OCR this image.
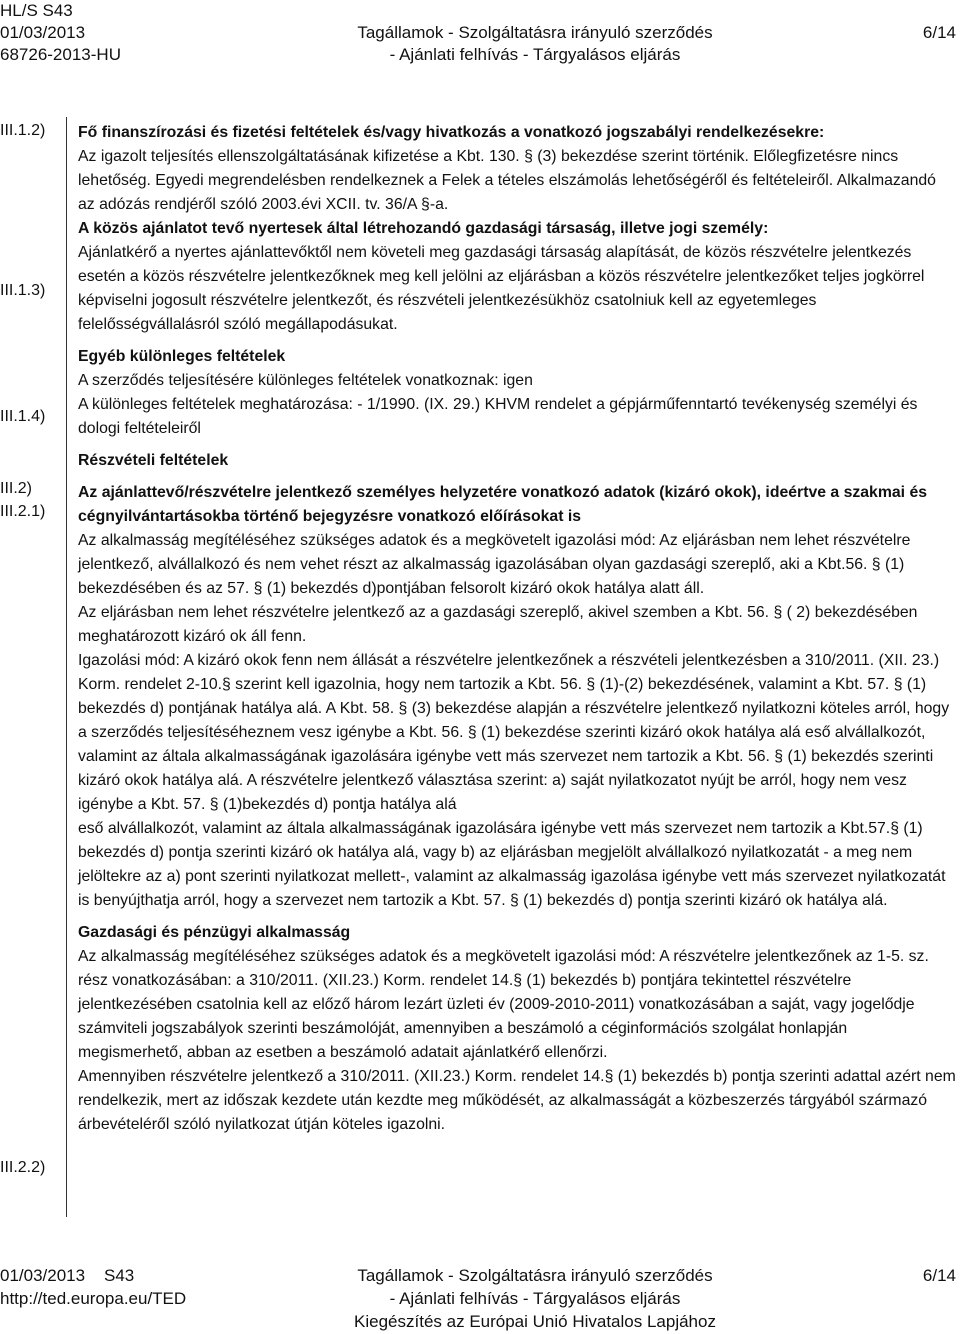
HL/S S43
01/03/2013
68726-2013-HU
Tagállamok - Szolgáltatásra irányuló szerződés
- Ajánlati felhívás - Tárgyalásos eljárás
6/14
III.1.2)
III.1.3)
III.1.4)
III.2)
III.2.1)
III.2.2)

Fő finanszírozási és fizetési feltételek és/vagy hivatkozás a vonatkozó jogszabályi rendelkezésekre:

Az igazolt teljesítés ellenszolgáltatásának kifizetése a Kbt. 130. § (3) bekezdése szerint történik. Előlegfizetésre nincs lehetőség. Egyedi megrendelésben rendelkeznek a Felek a tételes elszámolás lehetőségéről és feltételeiről. Alkalmazandó az adózás rendjéről szóló 2003.évi XCII. tv. 36/A §-a.

A közös ajánlatot tevő nyertesek által létrehozandó gazdasági társaság, illetve jogi személy:

Ajánlatkérő a nyertes ajánlattevőktől nem követeli meg gazdasági társaság alapítását, de közös részvételre jelentkezés esetén a közös részvételre jelentkezőknek meg kell jelölni az eljárásban a közös részvételre jelentkezőket teljes jogkörrel képviselni jogosult részvételre jelentkezőt, és részvételi jelentkezésükhöz csatolniuk kell az egyetemleges felelősségvállalásról szóló megállapodásukat.

Egyéb különleges feltételek

A szerződés teljesítésére különleges feltételek vonatkoznak: igen

A különleges feltételek meghatározása: - 1/1990. (IX. 29.) KHVM rendelet a gépjárműfenntartó tevékenység személyi és dologi feltételeiről

Részvételi feltételek

Az ajánlattevő/részvételre jelentkező személyes helyzetére vonatkozó adatok (kizáró okok), ideértve a szakmai és cégnyilvántartásokba történő bejegyzésre vonatkozó előírásokat is

Az alkalmasság megítéléséhez szükséges adatok és a megkövetelt igazolási mód: Az eljárásban nem lehet részvételre jelentkező, alvállalkozó és nem vehet részt az alkalmasság igazolásában olyan gazdasági szereplő, aki a Kbt.56. § (1) bekezdésében és az 57. § (1) bekezdés d)pontjában felsorolt kizáró okok hatálya alatt áll.

Az eljárásban nem lehet részvételre jelentkező az a gazdasági szereplő, akivel szemben a Kbt. 56. § ( 2) bekezdésében meghatározott kizáró ok áll fenn.

Igazolási mód: A kizáró okok fenn nem állását a részvételre jelentkezőnek a részvételi jelentkezésben a 310/2011. (XII. 23.) Korm. rendelet 2-10.§ szerint kell igazolnia, hogy nem tartozik a Kbt. 56. § (1)-(2) bekezdésének, valamint a Kbt. 57. § (1) bekezdés d) pontjának hatálya alá. A Kbt. 58. § (3) bekezdése alapján a részvételre jelentkező nyilatkozni köteles arról, hogy a szerződés teljesítéséheznem vesz igénybe a Kbt. 56. § (1) bekezdése szerinti kizáró okok hatálya alá eső alvállalkozót, valamint az általa alkalmasságának igazolására igénybe vett más szervezet nem tartozik a Kbt. 56. § (1) bekezdés szerinti kizáró okok hatálya alá. A részvételre jelentkező választása szerint: a) saját nyilatkozatot nyújt be arról, hogy nem vesz igénybe a Kbt. 57. § (1)bekezdés d) pontja hatálya alá

eső alvállalkozót, valamint az általa alkalmasságának igazolására igénybe vett más szervezet nem tartozik a Kbt.57.§ (1) bekezdés d) pontja szerinti kizáró ok hatálya alá, vagy b) az eljárásban megjelölt alvállalkozó nyilatkozatát - a meg nem jelöltekre az a) pont szerinti nyilatkozat mellett-, valamint az alkalmasság igazolása igénybe vett más szervezet nyilatkozatát is benyújthatja arról, hogy a szervezet nem tartozik a Kbt. 57. § (1) bekezdés d) pontja szerinti kizáró ok hatálya alá.

Gazdasági és pénzügyi alkalmasság

Az alkalmasság megítéléséhez szükséges adatok és a megkövetelt igazolási mód: A részvételre jelentkezőnek az 1-5. sz. rész vonatkozásában: a 310/2011. (XII.23.) Korm. rendelet 14.§ (1) bekezdés b) pontjára tekintettel részvételre jelentkezésében csatolnia kell az előző három lezárt üzleti év (2009-2010-2011) vonatkozásában a saját, vagy jogelődje számviteli jogszabályok szerinti beszámolóját, amennyiben a beszámoló a céginformációs szolgálat honlapján megismerhető, abban az esetben a beszámoló adatait ajánlatkérő ellenőrzi.

Amennyiben részvételre jelentkező a 310/2011. (XII.23.) Korm. rendelet 14.§ (1) bekezdés b) pontja szerinti adattal azért nem rendelkezik, mert az időszak kezdete után kezdte meg működését, az alkalmasságát a közbeszerzés tárgyából származó árbevételéről szóló nyilatkozat útján köteles igazolni.

01/03/2013    S43
http://ted.europa.eu/TED
Tagállamok - Szolgáltatásra irányuló szerződés
- Ajánlati felhívás - Tárgyalásos eljárás
Kiegészítés az Európai Unió Hivatalos Lapjához
6/14
